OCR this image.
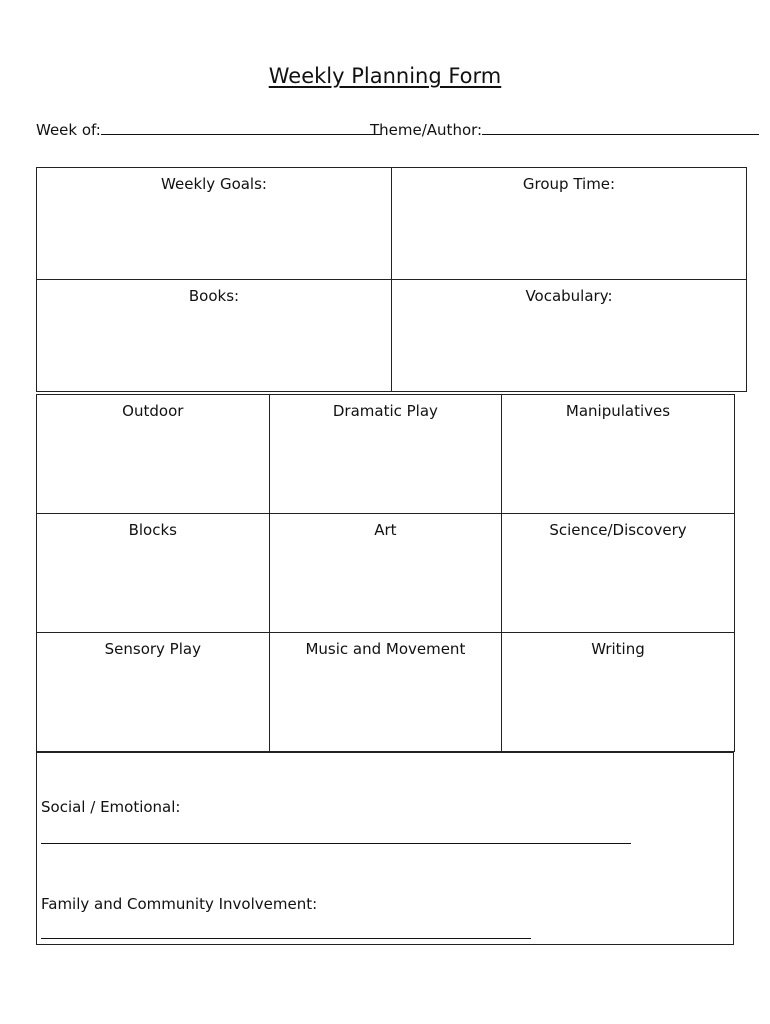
Weekly Planning Form
Week of:	Theme/Author:
Weekly Goals:	Group Time:
Books:	Vocabulary:
Outdoor	Dramatic Play	Manipulatives
Blocks	Art	Science/Discovery
Sensory Play	Music and Movement	Writing
Social / Emotional:
Family and Community Involvement:
